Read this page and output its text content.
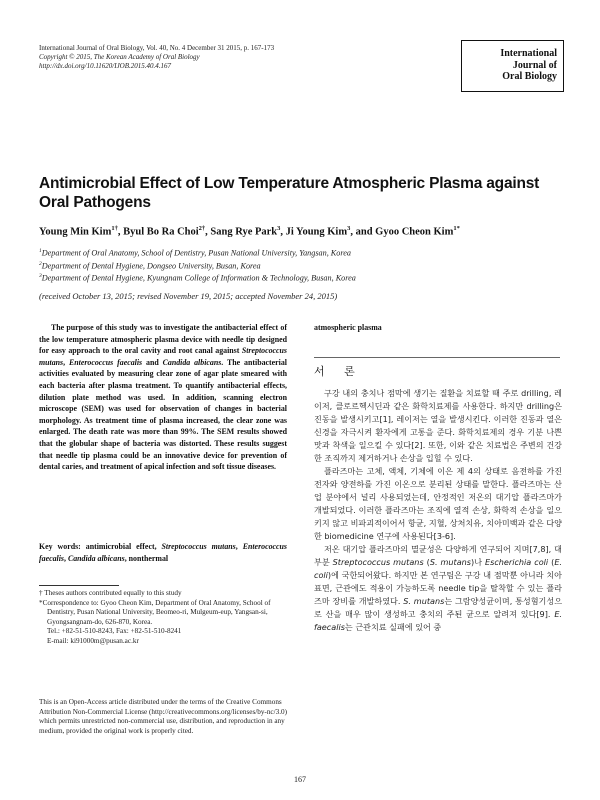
International Journal of Oral Biology, Vol. 40, No. 4 December 31 2015, p. 167-173
Copyright © 2015, The Korean Academy of Oral Biology
http://dx.doi.org/10.11620/IJOB.2015.40.4.167
International
Journal of
Oral Biology
Antimicrobial Effect of Low Temperature Atmospheric Plasma against Oral Pathogens
Young Min Kim$^{1\dagger}$, Byul Bo Ra Choi$^{2\dagger}$, Sang Rye Park$^3$, Ji Young Kim$^3$, and Gyoo Cheon Kim$^{1*}$
$^1$Department of Oral Anatomy, School of Dentistry, Pusan National University, Yangsan, Korea
$^2$Department of Dental Hygiene, Dongseo University, Busan, Korea
$^3$Department of Dental Hygiene, Kyungnam College of Information & Technology, Busan, Korea
(received October 13, 2015; revised November 19, 2015; accepted November 24, 2015)
The purpose of this study was to investigate the antibacterial effect of the low temperature atmospheric plasma device with needle tip designed for easy approach to the oral cavity and root canal against Streptococcus mutans, Enterococcus faecalis and Candida albicans. The antibacterial activities evaluated by measuring clear zone of agar plate smeared with each bacteria after plasma treatment. To quantify antibacterial effects, dilution plate method was used. In addition, scanning electron microscope (SEM) was used for observation of changes in bacterial morphology. As treatment time of plasma increased, the clear zone was enlarged. The death rate was more than 99%. The SEM results showed that the globular shape of bacteria was distorted. These results suggest that needle tip plasma could be an innovative device for prevention of dental caries, and treatment of apical infection and soft tissue diseases.
Key words: antimicrobial effect, Streptococcus mutans, Enterococcus faecalis, Candida albicans, nonthermal
† Theses authors contributed equally to this study
*Correspondence to: Gyoo Cheon Kim, Department of Oral Anatomy, School of Dentistry, Pusan National University, Beomeo-ri, Mulgeum-eup, Yangsan-si, Gyongsangnam-do, 626-870, Korea.
Tel.: +82-51-510-8243, Fax: +82-51-510-8241
E-mail: ki91000m@pusan.ac.kr
This is an Open-Access article distributed under the terms of the Creative Commons Attribution Non-Commercial License (http://creativecommons.org/licenses/by-nc/3.0) which permits unrestricted non-commercial use, distribution, and reproduction in any medium, provided the original work is properly cited.
atmospheric plasma
서 론

구강 내의 충치나 점막에 생기는 질환을 치료할 때 주로 drilling, 레이저, 클로르헥시딘과 같은 화학치료제를 사용한다. 하지만 drilling은 진동을 발생시키고[1], 레이저는 열을 발생시킨다. 이러한 진동과 열은 신경을 자극시켜 환자에게 고통을 준다. 화학치료제의 경우 기분 나쁜 맛과 착색을 일으킬 수 있다[2]. 또한, 이와 같은 치료법은 주변의 건강한 조직까지 제거하거나 손상을 입힐 수 있다.

플라즈마는 고체, 액체, 기체에 이은 제 4의 상태로 음전하를 가진 전자와 양전하를 가진 이온으로 분리된 상태를 말한다. 플라즈마는 산업 분야에서 널리 사용되었는데, 안정적인 저온의 대기압 플라즈마가 개발되었다. 이러한 플라즈마는 조직에 열적 손상, 화학적 손상을 일으키지 않고 비파괴적이어서 항균, 지혈, 상처치유, 치아미백과 같은 다양한 biomedicine 연구에 사용된다[3-6].

저온 대기압 플라즈마의 멸균성은 다양하게 연구되어 지며[7,8], 대부분 Streptococcus mutans (S. mutans)나 Escherichia coli (E. coli)에 국한되어왔다. 하지만 본 연구팀은 구강 내 점막뿐 아니라 치아 표면, 근관에도 적용이 가능하도록 needle tip을 탈착할 수 있는 플라즈마 장비를 개발하였다. S. mutans는 그람양성균이며, 통성혐기성으로 산을 매우 많이 생성하고 충치의 주된 균으로 알려져 있다[9]. E. faecalis는 근관치료 실패에 있어 중

167
